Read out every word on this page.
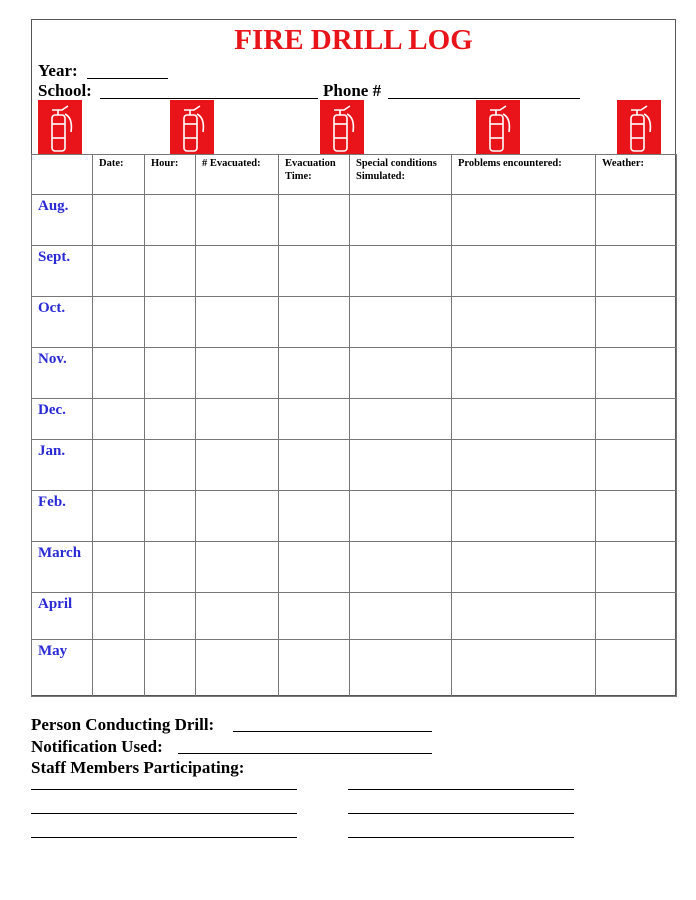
FIRE DRILL LOG
Year:
School:	Phone #
	Date:	Hour:	# Evacuated:	Evacuation Time:	Special conditions Simulated:	Problems encountered:	Weather:
Aug.							
Sept.							
Oct.							
Nov.							
Dec.							
Jan.							
Feb.							
March							
April							
May							
Person Conducting Drill:
Notification Used:
Staff Members Participating:
